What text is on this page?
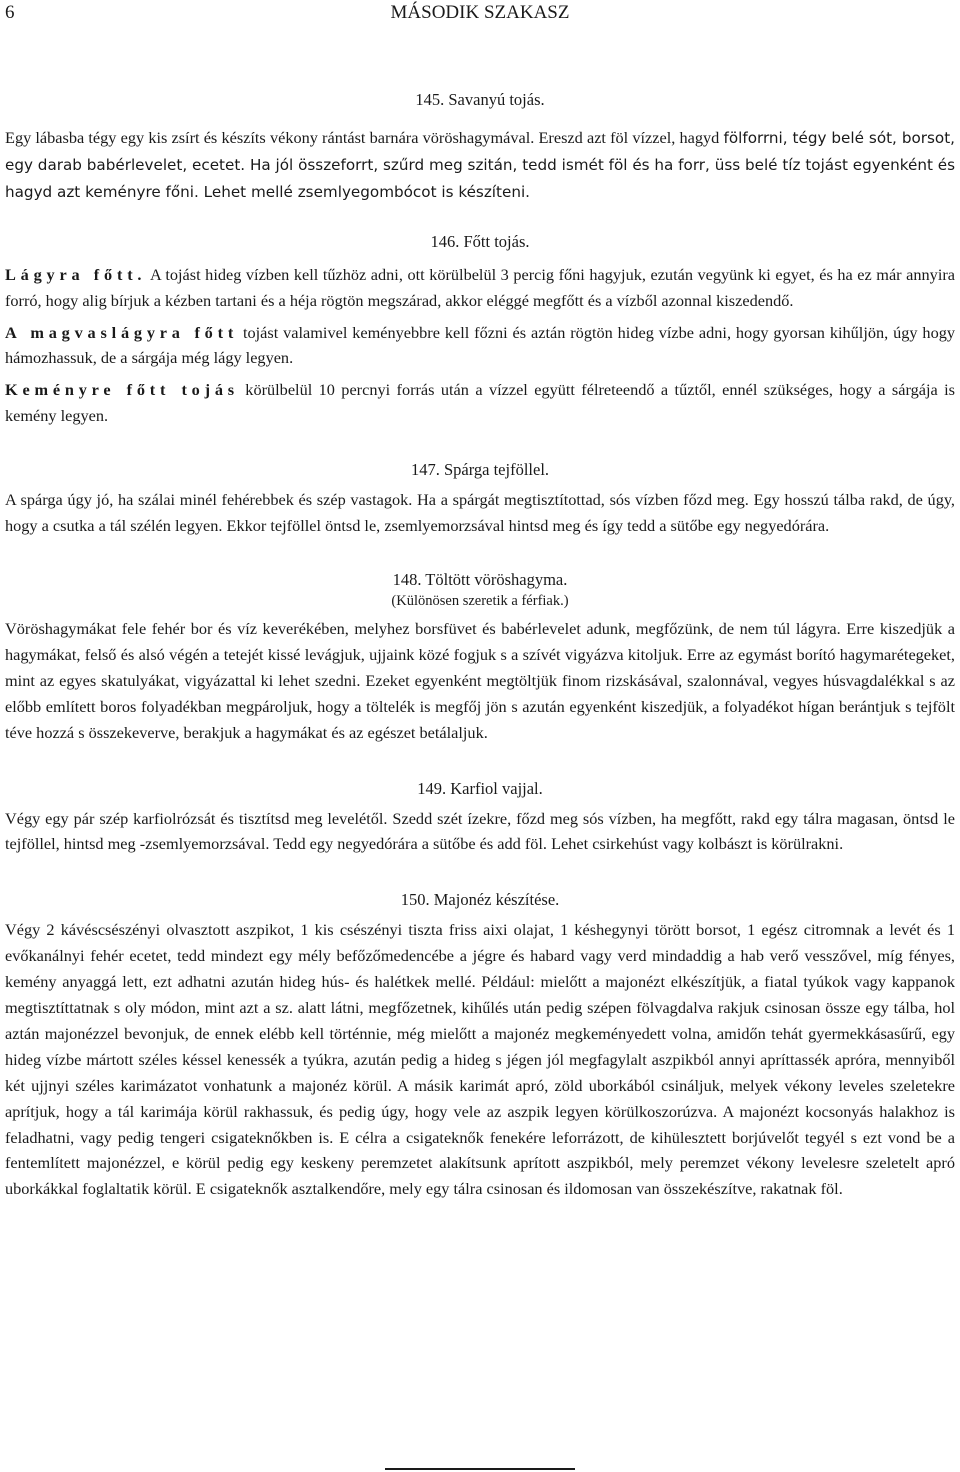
6	MÁSODIK SZAKASZ
145. Savanyú tojás.

Egy lábasba tégy egy kis zsírt és készíts vékony rántást barnára vöröshagymával. Ereszd azt föl vízzel, hagyd fölforrni, tégy belé sót, borsot, egy darab babérlevelet, ecetet. Ha jól összeforrt, szűrd meg szitán, tedd ismét föl és ha forr, üss belé tíz tojást egyenként és hagyd azt keményre főni. Lehet mellé zsemlyegombócot is készíteni.

146. Főtt tojás.

Lágyra főtt. A tojást hideg vízben kell tűzhöz adni, ott körülbelül 3 percig főni hagyjuk, ezután vegyünk ki egyet, és ha ez már annyira forró, hogy alig bírjuk a kézben tartani és a héja rögtön megszárad, akkor eléggé megfőtt és a vízből azonnal kiszedendő.

A magvaslágyra főtt tojást valamivel keményebbre kell főzni és aztán rögtön hideg vízbe adni, hogy gyorsan kihűljön, úgy hogy hámozhassuk, de a sárgája még lágy legyen.

Keményre főtt tojás körülbelül 10 percnyi forrás után a vízzel együtt félreteendő a tűztől, ennél szükséges, hogy a sárgája is kemény legyen.

147. Spárga tejföllel.

A spárga úgy jó, ha szálai minél fehérebbek és szép vastagok. Ha a spárgát megtisztítottad, sós vízben főzd meg. Egy hosszú tálba rakd, de úgy, hogy a csutka a tál szélén legyen. Ekkor tejföllel öntsd le, zsemlyemorzsával hintsd meg és így tedd a sütőbe egy negyedórára.

148. Töltött vöröshagyma.
(Különösen szeretik a férfiak.)

Vöröshagymákat fele fehér bor és víz keverékében, melyhez borsfüvet és babérlevelet adunk, megfőzünk, de nem túl lágyra. Erre kiszedjük a hagymákat, felső és alsó végén a tetejét kissé levágjuk, ujjaink közé fogjuk s a szívét vigyázva kitoljuk. Erre az egymást borító hagymarétegeket, mint az egyes skatulyákat, vigyázattal ki lehet szedni. Ezeket egyenként megtöltjük finom rizskásával, szalonnával, vegyes húsvagdalékkal s az előbb említett boros folyadékban megpároljuk, hogy a töltelék is megfőj jön s azután egyenként kiszedjük, a folyadékot hígan berántjuk s tejfölt téve hozzá s összekeverve, berakjuk a hagymákat és az egészet betálaljuk.

149. Karfiol vajjal.

Végy egy pár szép karfiolrózsát és tisztítsd meg levelétől. Szedd szét ízekre, főzd meg sós vízben, ha megfőtt, rakd egy tálra magasan, öntsd le tejföllel, hintsd meg -zsemlyemorzsával. Tedd egy negyedórára a sütőbe és add föl. Lehet csirkehúst vagy kolbászt is körülrakni.

150. Majonéz készítése.

Végy 2 kávéscsészényi olvasztott aszpikot, 1 kis csészényi tiszta friss aixi olajat, 1 késhegynyi törött borsot, 1 egész citromnak a levét és 1 evőkanálnyi fehér ecetet, tedd mindezt egy mély befőzőmedencébe a jégre és habard vagy verd mindaddig a hab verő vesszővel, míg fényes, kemény anyaggá lett, ezt adhatni azután hideg hús- és halétkek mellé. Például: mielőtt a majonézt elkészítjük, a fiatal tyúkok vagy kappanok megtisztíttatnak s oly módon, mint azt a sz. alatt látni, megfőzetnek, kihűlés után pedig szépen fölvagdalva rakjuk csinosan össze egy tálba, hol aztán majonézzel bevonjuk, de ennek elébb kell történnie, még mielőtt a majonéz megkeményedett volna, amidőn tehát gyermekkásasűrű, egy hideg vízbe mártott széles késsel kenessék a tyúkra, azután pedig a hideg s jégen jól megfagylalt aszpikból annyi apríttassék apróra, mennyiből két ujjnyi széles karimázatot vonhatunk a majonéz körül. A másik karimát apró, zöld uborkából csináljuk, melyek vékony leveles szeletekre aprítjuk, hogy a tál karimája körül rakhassuk, és pedig úgy, hogy vele az aszpik legyen körülkoszorúzva. A majonézt kocsonyás halakhoz is feladhatni, vagy pedig tengeri csigateknőkben is. E célra a csigateknők fenekére leforrázott, de kihülesztett borjúvelőt tegyél s ezt vond be a fentemlített majonézzel, e körül pedig egy keskeny peremzetet alakítsunk aprított aszpikból, mely peremzet vékony levelesre szeletelt apró uborkákkal foglaltatik körül. E csigateknők asztalkendőre, mely egy tálra csinosan és ildomosan van összekészítve, rakatnak föl.
